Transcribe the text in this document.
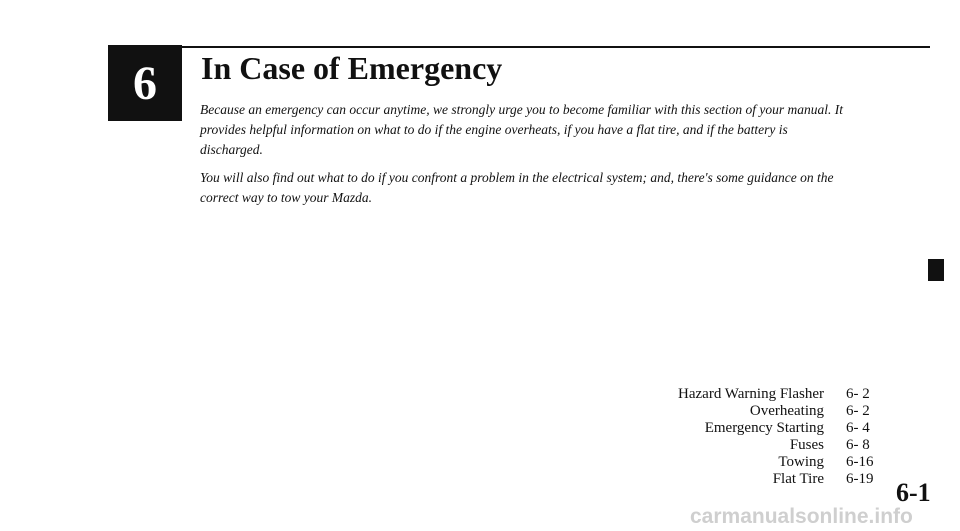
6 In Case of Emergency

Because an emergency can occur anytime, we strongly urge you to become familiar with this section of your manual. It provides helpful information on what to do if the engine overheats, if you have a flat tire, and if the battery is discharged.

You will also find out what to do if you confront a problem in the electrical system; and, there's some guidance on the correct way to tow your Mazda.

Hazard Warning Flasher	6- 2
Overheating	6- 2
Emergency Starting	6- 4
Fuses	6- 8
Towing	6-16
Flat Tire	6-19 6-1

carmanualsonline.info
